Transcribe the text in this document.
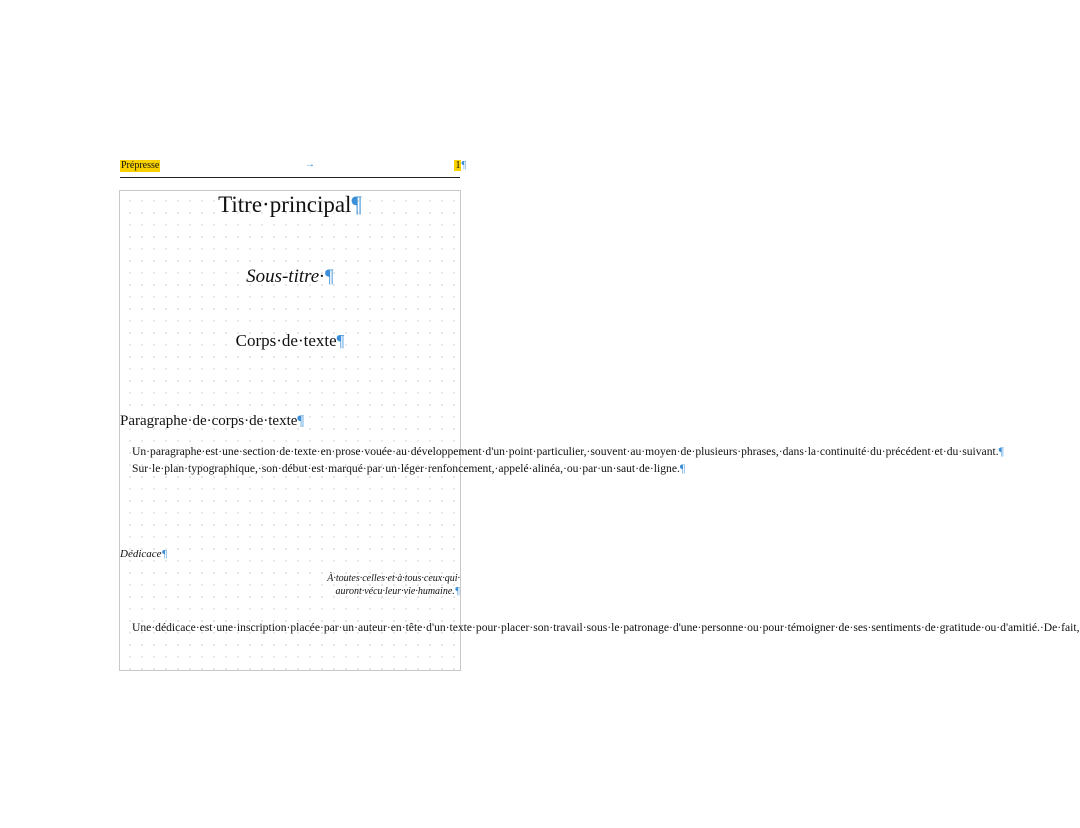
Prépresse	→	1¶
Titre·principal¶
Sous-titre·¶
Corps·de·texte¶
Paragraphe·de·corps·de·texte¶

Un·paragraphe·est·une·section·de·texte·en·prose·vouée·au·développement·d'un·point·particulier,·souvent·au·moyen·de·plusieurs·phrases,·dans·la·continuité·du·précédent·et·du·suivant.¶

Sur·le·plan·typographique,·son·début·est·marqué·par·un·léger·renfoncement,·appelé·alinéa,·ou·par·un·saut·de·ligne.¶

Dédicace¶
À·toutes·celles·et·à·tous·ceux·qui·
auront·vécu·leur·vie·humaine.¶

Une·dédicace·est·une·inscription·placée·par·un·auteur·en·tête·d'un·texte·pour·placer·son·travail·sous·le·patronage·d'une·personne·ou·pour·témoigner·de·ses·sentiments·de·gratitude·ou·d'amitié.·De·fait,
